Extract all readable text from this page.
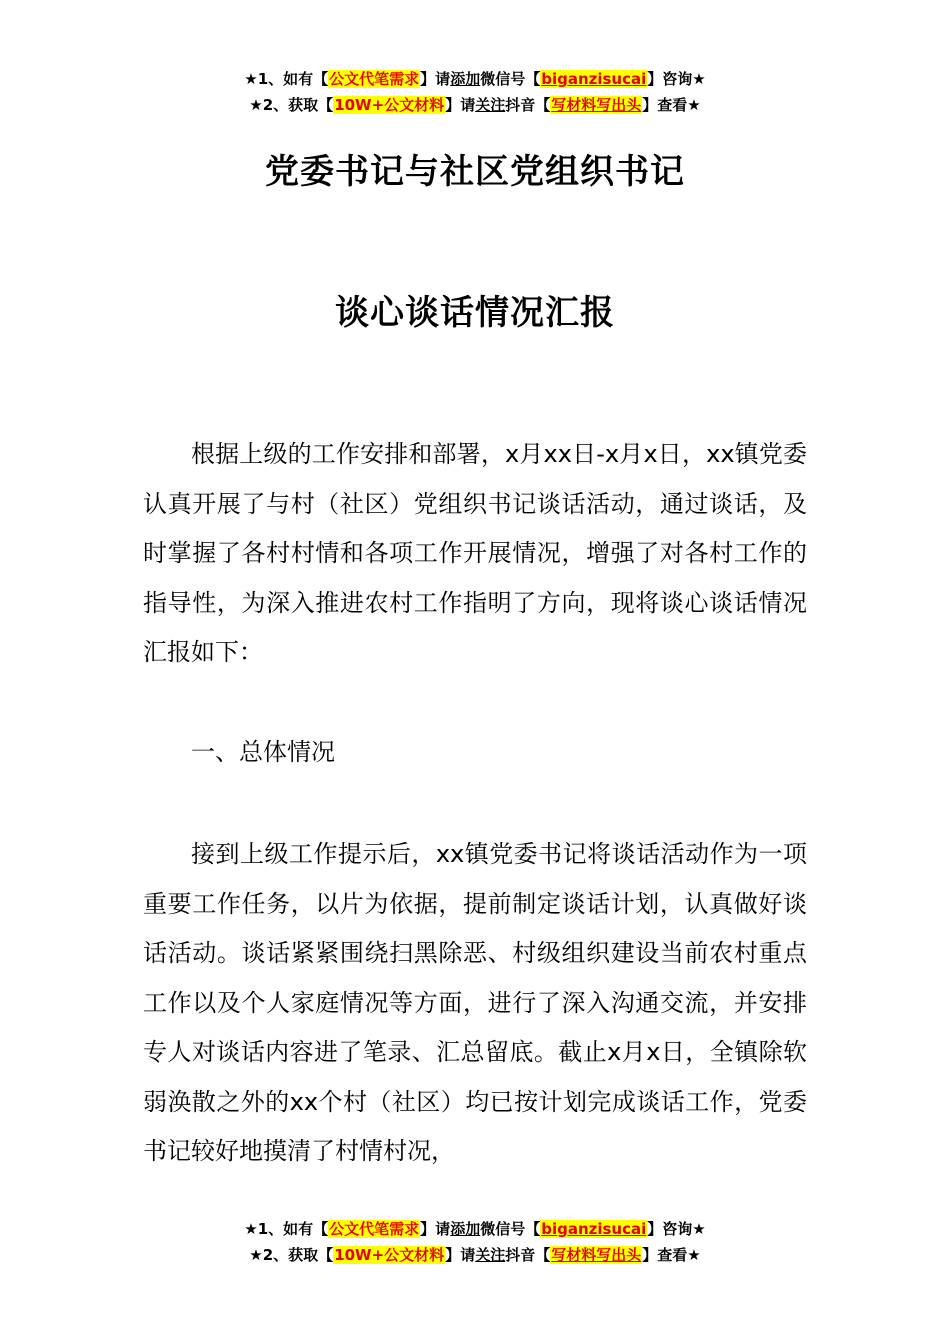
★1、如有【公文代笔需求】请添加微信号【biganzisucai】咨询★
★2、获取【10W+公文材料】请关注抖音【写材料写出头】查看★
党委书记与社区党组织书记
谈心谈话情况汇报

根据上级的工作安排和部署，x月xx日-x月x日，xx镇党委认真开展了与村（社区）党组织书记谈话活动，通过谈话，及时掌握了各村村情和各项工作开展情况，增强了对各村工作的指导性，为深入推进农村工作指明了方向，现将谈心谈话情况汇报如下：

一、总体情况

接到上级工作提示后，xx镇党委书记将谈话活动作为一项重要工作任务，以片为依据，提前制定谈话计划，认真做好谈话活动。谈话紧紧围绕扫黑除恶、村级组织建设当前农村重点工作以及个人家庭情况等方面，进行了深入沟通交流，并安排专人对谈话内容进了笔录、汇总留底。截止x月x日，全镇除软弱涣散之外的xx个村（社区）均已按计划完成谈话工作，党委书记较好地摸清了村情村况，

★1、如有【公文代笔需求】请添加微信号【biganzisucai】咨询★
★2、获取【10W+公文材料】请关注抖音【写材料写出头】查看★
